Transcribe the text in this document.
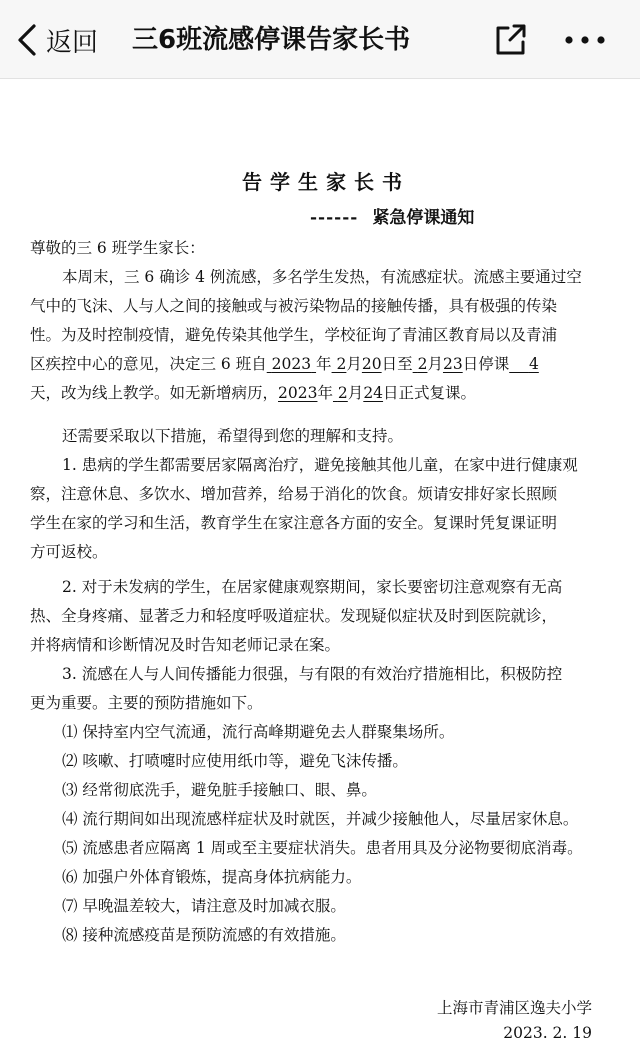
返回 三6班流感停课告家长书
告学生家长书
------ 紧急停课通知
尊敬的三 6 班学生家长：
本周末，三 6 确诊 4 例流感，多名学生发热，有流感症状。流感主要通过空
气中的飞沫、人与人之间的接触或与被污染物品的接触传播，具有极强的传染
性。为及时控制疫情，避免传染其他学生，学校征询了青浦区教育局以及青浦
区疾控中心的意见，决定三 6 班自 2023 年 2月20日至 2月23日停课 4
天，改为线上教学。如无新增病历，2023年 2月24日正式复课。
还需要采取以下措施，希望得到您的理解和支持。
1. 患病的学生都需要居家隔离治疗，避免接触其他儿童，在家中进行健康观
察，注意休息、多饮水、增加营养，给易于消化的饮食。烦请安排好家长照顾
学生在家的学习和生活，教育学生在家注意各方面的安全。复课时凭复课证明
方可返校。
2. 对于未发病的学生，在居家健康观察期间，家长要密切注意观察有无高
热、全身疼痛、显著乏力和轻度呼吸道症状。发现疑似症状及时到医院就诊，
并将病情和诊断情况及时告知老师记录在案。
3. 流感在人与人间传播能力很强，与有限的有效治疗措施相比，积极防控
更为重要。主要的预防措施如下。
⑴ 保持室内空气流通，流行高峰期避免去人群聚集场所。
⑵ 咳嗽、打喷嚏时应使用纸巾等，避免飞沫传播。
⑶ 经常彻底洗手，避免脏手接触口、眼、鼻。
⑷ 流行期间如出现流感样症状及时就医，并减少接触他人，尽量居家休息。
⑸ 流感患者应隔离 1 周或至主要症状消失。患者用具及分泌物要彻底消毒。
⑹ 加强户外体育锻炼，提高身体抗病能力。
⑺ 早晚温差较大，请注意及时加减衣服。
⑻ 接种流感疫苗是预防流感的有效措施。
上海市青浦区逸夫小学
2023. 2. 19
